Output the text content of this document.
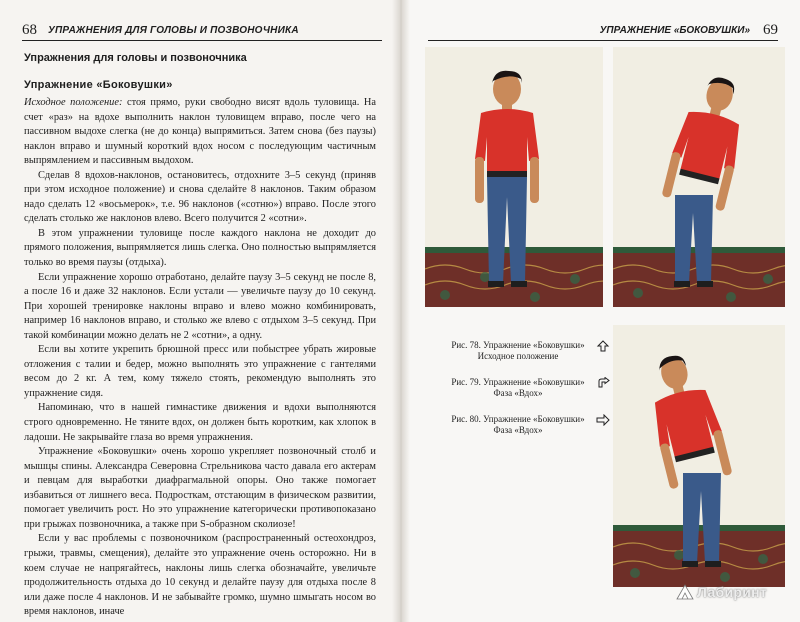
68 УПРАЖНЕНИЯ ДЛЯ ГОЛОВЫ И ПОЗВОНОЧНИКА
Упражнения для головы и позвоночника
Упражнение «Боковушки»

Исходное положение: стоя прямо, руки свободно висят вдоль туловища. На счет «раз» на вдохе выполнить наклон туловищем вправо, после чего на пассивном выдохе слегка (не до конца) выпрямиться. Затем снова (без паузы) наклон вправо и шумный короткий вдох носом с последующим частичным выпрямлением и пассивным выдохом.

Сделав 8 вдохов-наклонов, остановитесь, отдохните 3–5 секунд (приняв при этом исходное положение) и снова сделайте 8 наклонов. Таким образом надо сделать 12 «восьмерок», т.е. 96 наклонов («сотню») вправо. После этого сделать столько же наклонов влево. Всего получится 2 «сотни».

В этом упражнении туловище после каждого наклона не доходит до прямого положения, выпрямляется лишь слегка. Оно полностью выпрямляется только во время паузы (отдыха).

Если упражнение хорошо отработано, делайте паузу 3–5 секунд не после 8, а после 16 и даже 32 наклонов. Если устали — увеличьте паузу до 10 секунд. При хорошей тренировке наклоны вправо и влево можно комбинировать, например 16 наклонов вправо, и столько же влево с отдыхом 3–5 секунд. При такой комбинации можно делать не 2 «сотни», а одну.

Если вы хотите укрепить брюшной пресс или побыстрее убрать жировые отложения с талии и бедер, можно выполнять это упражнение с гантелями весом до 2 кг. А тем, кому тяжело стоять, рекомендую выполнять это упражнение сидя.

Напоминаю, что в нашей гимнастике движения и вдохи выполняются строго одновременно. Не тяните вдох, он должен быть коротким, как хлопок в ладоши. Не закрывайте глаза во время упражнения.

Упражнение «Боковушки» очень хорошо укрепляет позвоночный столб и мышцы спины. Александра Северовна Стрельникова часто давала его актерам и певцам для выработки диафрагмальной опоры. Оно также помогает избавиться от лишнего веса. Подросткам, отстающим в физическом развитии, помогает увеличить рост. Но это упражнение категорически противопоказано при грыжах позвоночника, а также при S-образном сколиозе!

Если у вас проблемы с позвоночником (распространенный остеохондроз, грыжи, травмы, смещения), делайте это упражнение очень осторожно. Ни в коем случае не напрягайтесь, наклоны лишь слегка обозначайте, увеличьте продолжительность отдыха до 10 секунд и делайте паузу для отдыха после 8 или даже после 4 наклонов. И не забывайте громко, шумно шмыгать носом во время наклонов, иначе

УПРАЖНЕНИЕ «БОКОВУШКИ» 69
Рис. 78. Упражнение «Боковушки»
Исходное положение
Рис. 79. Упражнение «Боковушки»
Фаза «Вдох»
Рис. 80. Упражнение «Боковушки»
Фаза «Вдох»
Лабиринт
